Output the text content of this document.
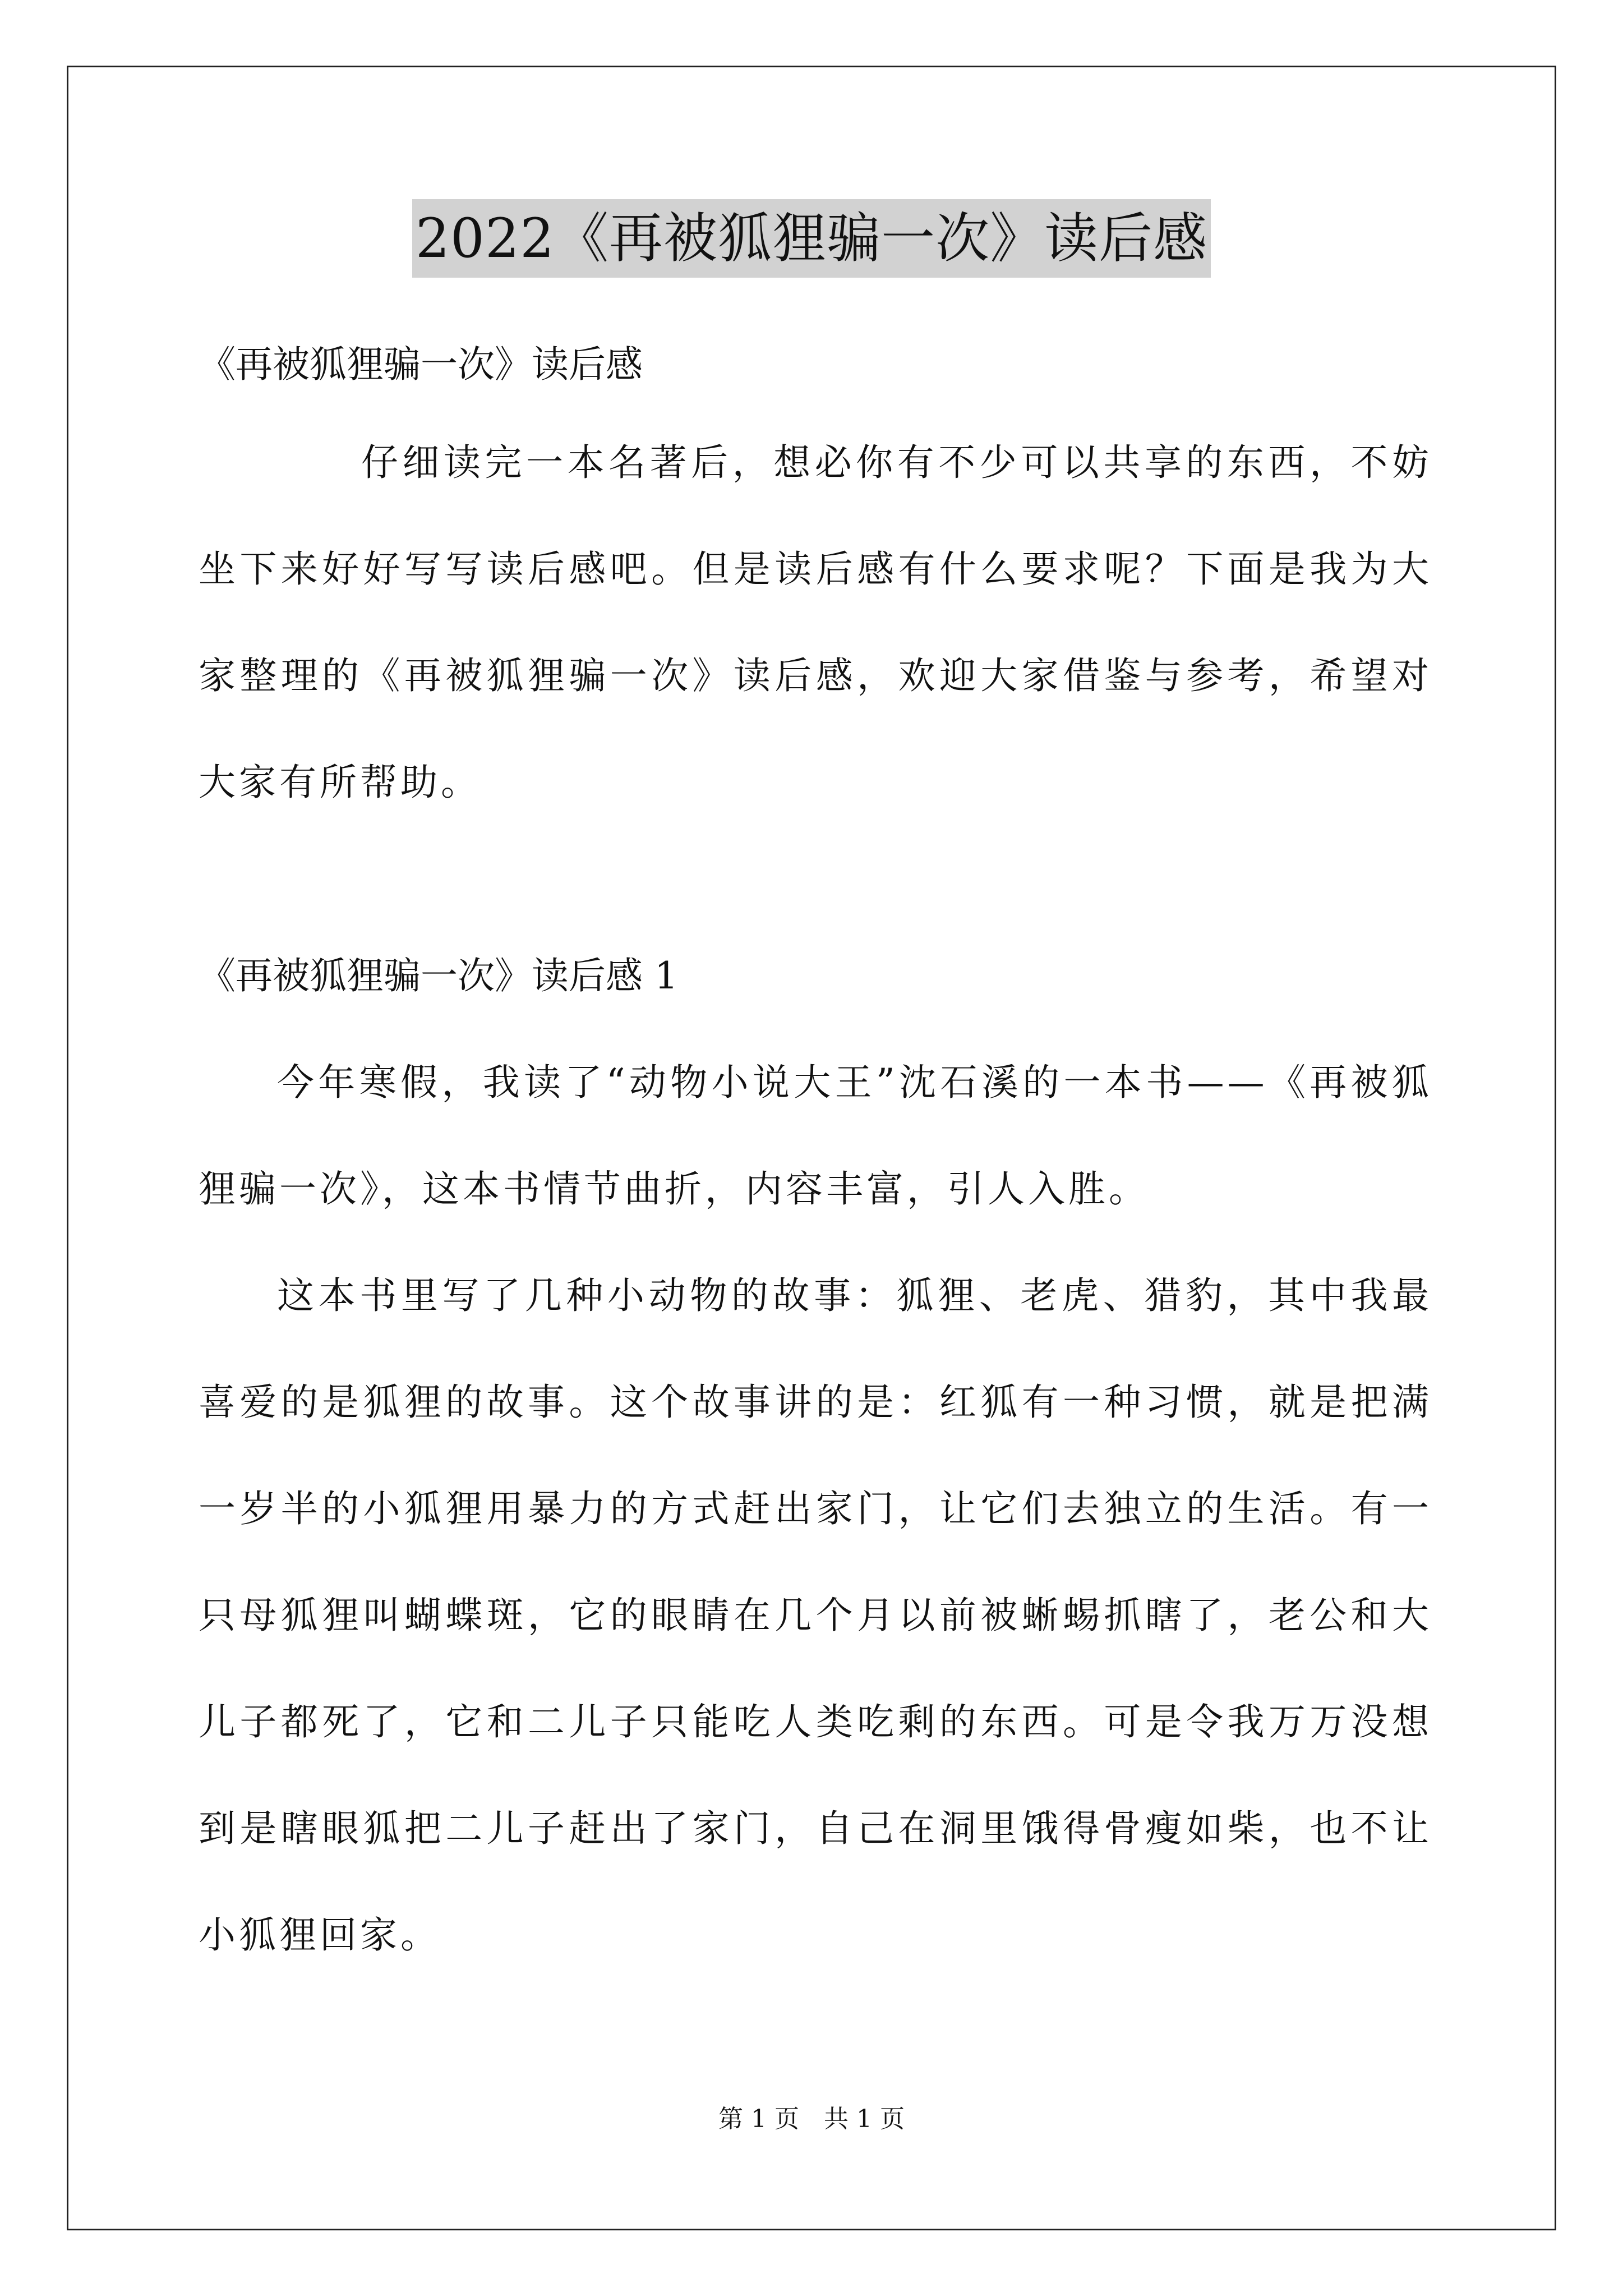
2022《再被狐狸骗一次》读后感

《再被狐狸骗一次》读后感

仔细读完一本名著后，想必你有不少可以共享的东西，不妨坐下来好好写写读后感吧。但是读后感有什么要求呢？下面是我为大家整理的《再被狐狸骗一次》读后感，欢迎大家借鉴与参考，希望对大家有所帮助。

《再被狐狸骗一次》读后感 1

今年寒假，我读了“动物小说大王”沈石溪的一本书——《再被狐狸骗一次》，这本书情节曲折，内容丰富，引人入胜。

这本书里写了几种小动物的故事：狐狸、老虎、猎豹，其中我最喜爱的是狐狸的故事。这个故事讲的是：红狐有一种习惯，就是把满一岁半的小狐狸用暴力的方式赶出家门，让它们去独立的生活。有一只母狐狸叫蝴蝶斑，它的眼睛在几个月以前被蜥蜴抓瞎了，老公和大儿子都死了，它和二儿子只能吃人类吃剩的东西。可是令我万万没想到是瞎眼狐把二儿子赶出了家门，自己在洞里饿得骨瘦如柴，也不让小狐狸回家。

第 1 页　共 1 页
